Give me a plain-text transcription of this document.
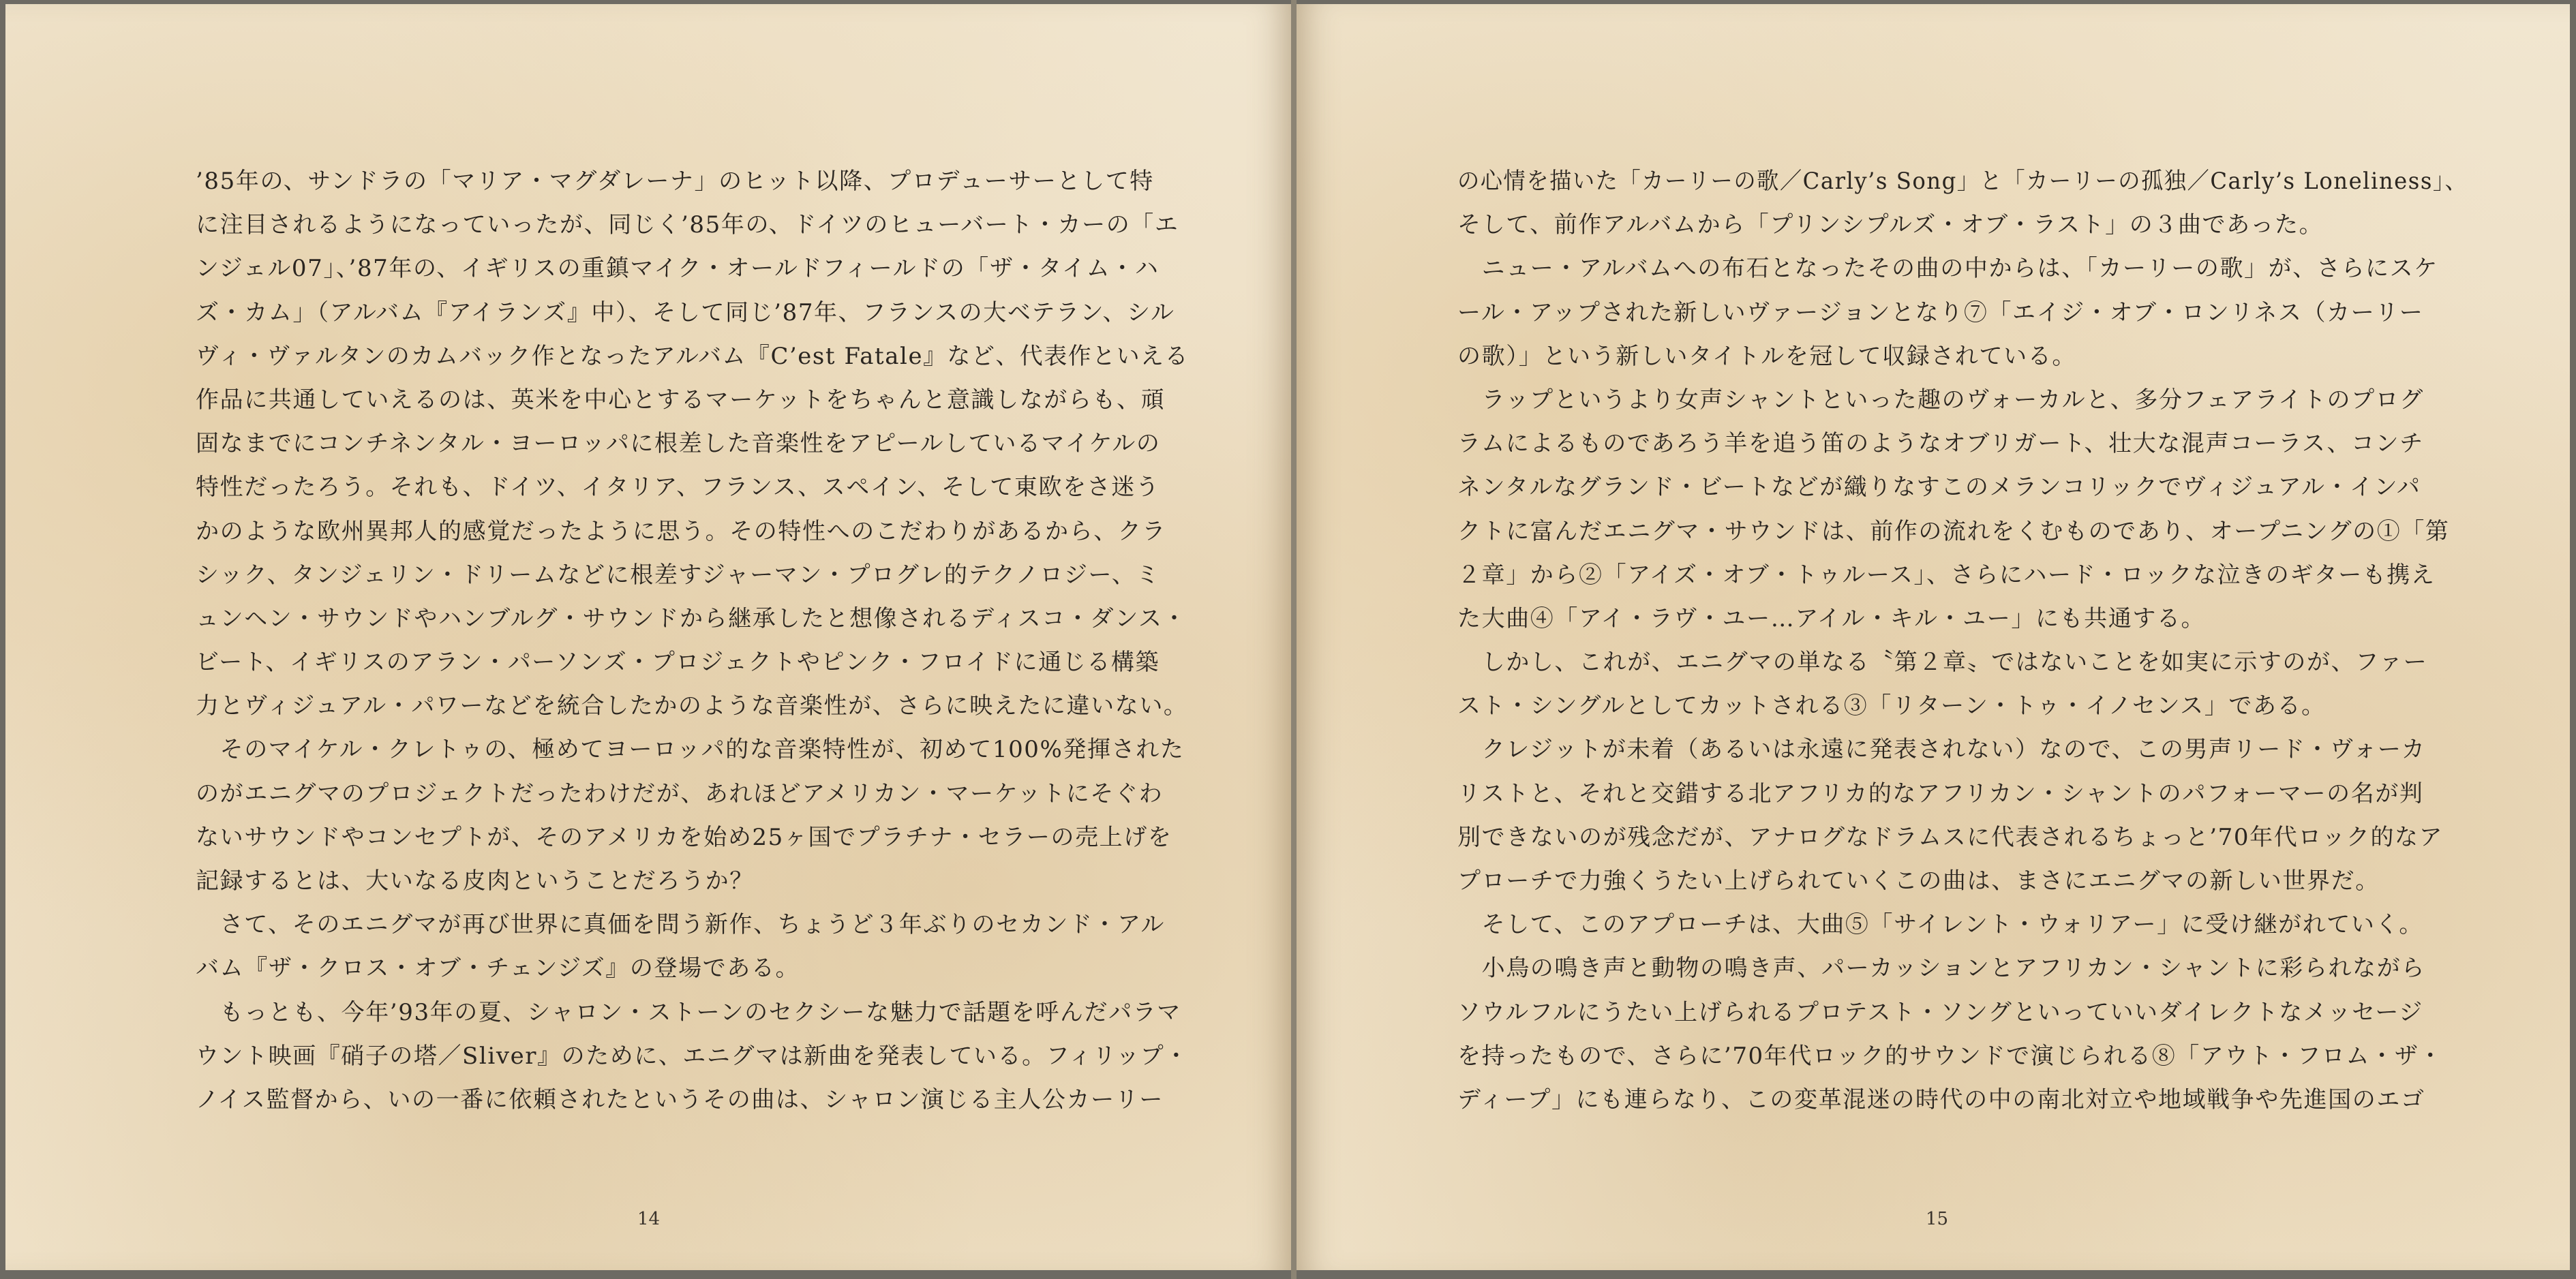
’85年の、サンドラの「マリア・マグダレーナ」のヒット以降、プロデューサーとして特
に注目されるようになっていったが、同じく’85年の、ドイツのヒューバート・カーの「エ
ンジェル07」、’87年の、イギリスの重鎮マイク・オールドフィールドの「ザ・タイム・ハ
ズ・カム」（アルバム『アイランズ』中）、そして同じ’87年、フランスの大ベテラン、シル
ヴィ・ヴァルタンのカムバック作となったアルバム『C’est Fatale』など、代表作といえる
作品に共通していえるのは、英米を中心とするマーケットをちゃんと意識しながらも、頑
固なまでにコンチネンタル・ヨーロッパに根差した音楽性をアピールしているマイケルの
特性だったろう。それも、ドイツ、イタリア、フランス、スペイン、そして東欧をさ迷う
かのような欧州異邦人的感覚だったように思う。その特性へのこだわりがあるから、クラ
シック、タンジェリン・ドリームなどに根差すジャーマン・プログレ的テクノロジー、ミ
ュンヘン・サウンドやハンブルグ・サウンドから継承したと想像されるディスコ・ダンス・
ビート、イギリスのアラン・パーソンズ・プロジェクトやピンク・フロイドに通じる構築
力とヴィジュアル・パワーなどを統合したかのような音楽性が、さらに映えたに違いない。
　そのマイケル・クレトゥの、極めてヨーロッパ的な音楽特性が、初めて100%発揮された
のがエニグマのプロジェクトだったわけだが、あれほどアメリカン・マーケットにそぐわ
ないサウンドやコンセプトが、そのアメリカを始め25ヶ国でプラチナ・セラーの売上げを
記録するとは、大いなる皮肉ということだろうか？
　さて、そのエニグマが再び世界に真価を問う新作、ちょうど３年ぶりのセカンド・アル
バム『ザ・クロス・オブ・チェンジズ』の登場である。
　もっとも、今年’93年の夏、シャロン・ストーンのセクシーな魅力で話題を呼んだパラマ
ウント映画『硝子の塔／Sliver』のために、エニグマは新曲を発表している。フィリップ・
ノイス監督から、いの一番に依頼されたというその曲は、シャロン演じる主人公カーリー
14
の心情を描いた「カーリーの歌／Carly’s Song」と「カーリーの孤独／Carly’s Loneliness」、
そして、前作アルバムから「プリンシプルズ・オブ・ラスト」の３曲であった。
　ニュー・アルバムへの布石となったその曲の中からは、「カーリーの歌」が、さらにスケ
ール・アップされた新しいヴァージョンとなり⑦「エイジ・オブ・ロンリネス（カーリー
の歌）」という新しいタイトルを冠して収録されている。
　ラップというより女声シャントといった趣のヴォーカルと、多分フェアライトのプログ
ラムによるものであろう羊を追う笛のようなオブリガート、壮大な混声コーラス、コンチ
ネンタルなグランド・ビートなどが織りなすこのメランコリックでヴィジュアル・インパ
クトに富んだエニグマ・サウンドは、前作の流れをくむものであり、オープニングの①「第
２章」から②「アイズ・オブ・トゥルース」、さらにハード・ロックな泣きのギターも携え
た大曲④「アイ・ラヴ・ユー…アイル・キル・ユー」にも共通する。
　しかし、これが、エニグマの単なる〝第２章〟ではないことを如実に示すのが、ファー
スト・シングルとしてカットされる③「リターン・トゥ・イノセンス」である。
　クレジットが未着（あるいは永遠に発表されない）なので、この男声リード・ヴォーカ
リストと、それと交錯する北アフリカ的なアフリカン・シャントのパフォーマーの名が判
別できないのが残念だが、アナログなドラムスに代表されるちょっと’70年代ロック的なア
プローチで力強くうたい上げられていくこの曲は、まさにエニグマの新しい世界だ。
　そして、このアプローチは、大曲⑤「サイレント・ウォリアー」に受け継がれていく。
　小鳥の鳴き声と動物の鳴き声、パーカッションとアフリカン・シャントに彩られながら
ソウルフルにうたい上げられるプロテスト・ソングといっていいダイレクトなメッセージ
を持ったもので、さらに’70年代ロック的サウンドで演じられる⑧「アウト・フロム・ザ・
ディープ」にも連らなり、この変革混迷の時代の中の南北対立や地域戦争や先進国のエゴ
15
